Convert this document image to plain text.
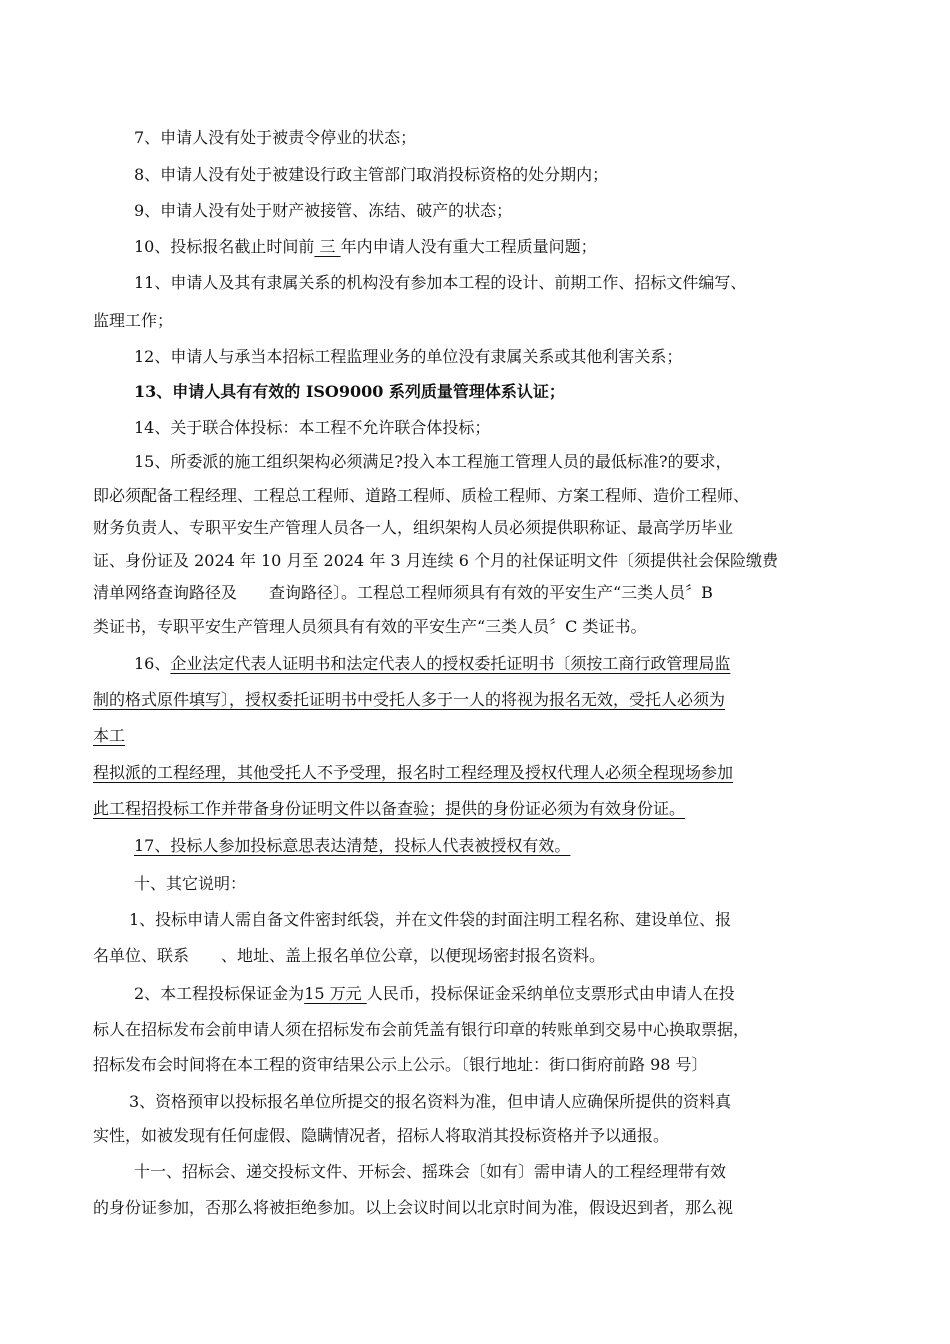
7、申请人没有处于被责令停业的状态；
8、申请人没有处于被建设行政主管部门取消投标资格的处分期内；
9、申请人没有处于财产被接管、冻结、破产的状态；
10、投标报名截止时间前 三 年内申请人没有重大工程质量问题；
11、申请人及其有隶属关系的机构没有参加本工程的设计、前期工作、招标文件编写、
监理工作；
12、申请人与承当本招标工程监理业务的单位没有隶属关系或其他利害关系；
13、申请人具有有效的 ISO9000 系列质量管理体系认证；
14、关于联合体投标：本工程不允许联合体投标；
15、所委派的施工组织架构必须满足?投入本工程施工管理人员的最低标准?的要求，
即必须配备工程经理、工程总工程师、道路工程师、质检工程师、方案工程师、造价工程师、
财务负责人、专职平安生产管理人员各一人，组织架构人员必须提供职称证、最高学历毕业
证、身份证及 2024 年 10 月至 2024 年 3 月连续 6 个月的社保证明文件〔须提供社会保险缴费
清单网络查询路径及　　查询路径〕。工程总工程师须具有有效的平安生产“三类人员〞B
类证书，专职平安生产管理人员须具有有效的平安生产“三类人员〞C 类证书。
16、企业法定代表人证明书和法定代表人的授权委托证明书〔须按工商行政管理局监
制的格式原件填写〕，授权委托证明书中受托人多于一人的将视为报名无效，受托人必须为
本工
程拟派的工程经理，其他受托人不予受理，报名时工程经理及授权代理人必须全程现场参加
此工程招投标工作并带备身份证明文件以备查验；提供的身份证必须为有效身份证。
17、投标人参加投标意思表达清楚，投标人代表被授权有效。
十、其它说明：
1、投标申请人需自备文件密封纸袋，并在文件袋的封面注明工程名称、建设单位、报
名单位、联系　　、地址、盖上报名单位公章，以便现场密封报名资料。
2、本工程投标保证金为15 万元 人民币，投标保证金采纳单位支票形式由申请人在投
标人在招标发布会前申请人须在招标发布会前凭盖有银行印章的转账单到交易中心换取票据，
招标发布会时间将在本工程的资审结果公示上公示。〔银行地址：街口街府前路 98 号〕
3、资格预审以投标报名单位所提交的报名资料为准，但申请人应确保所提供的资料真
实性，如被发现有任何虚假、隐瞒情况者，招标人将取消其投标资格并予以通报。
十一、招标会、递交投标文件、开标会、摇珠会〔如有〕需申请人的工程经理带有效
的身份证参加，否那么将被拒绝参加。以上会议时间以北京时间为准，假设迟到者，那么视
